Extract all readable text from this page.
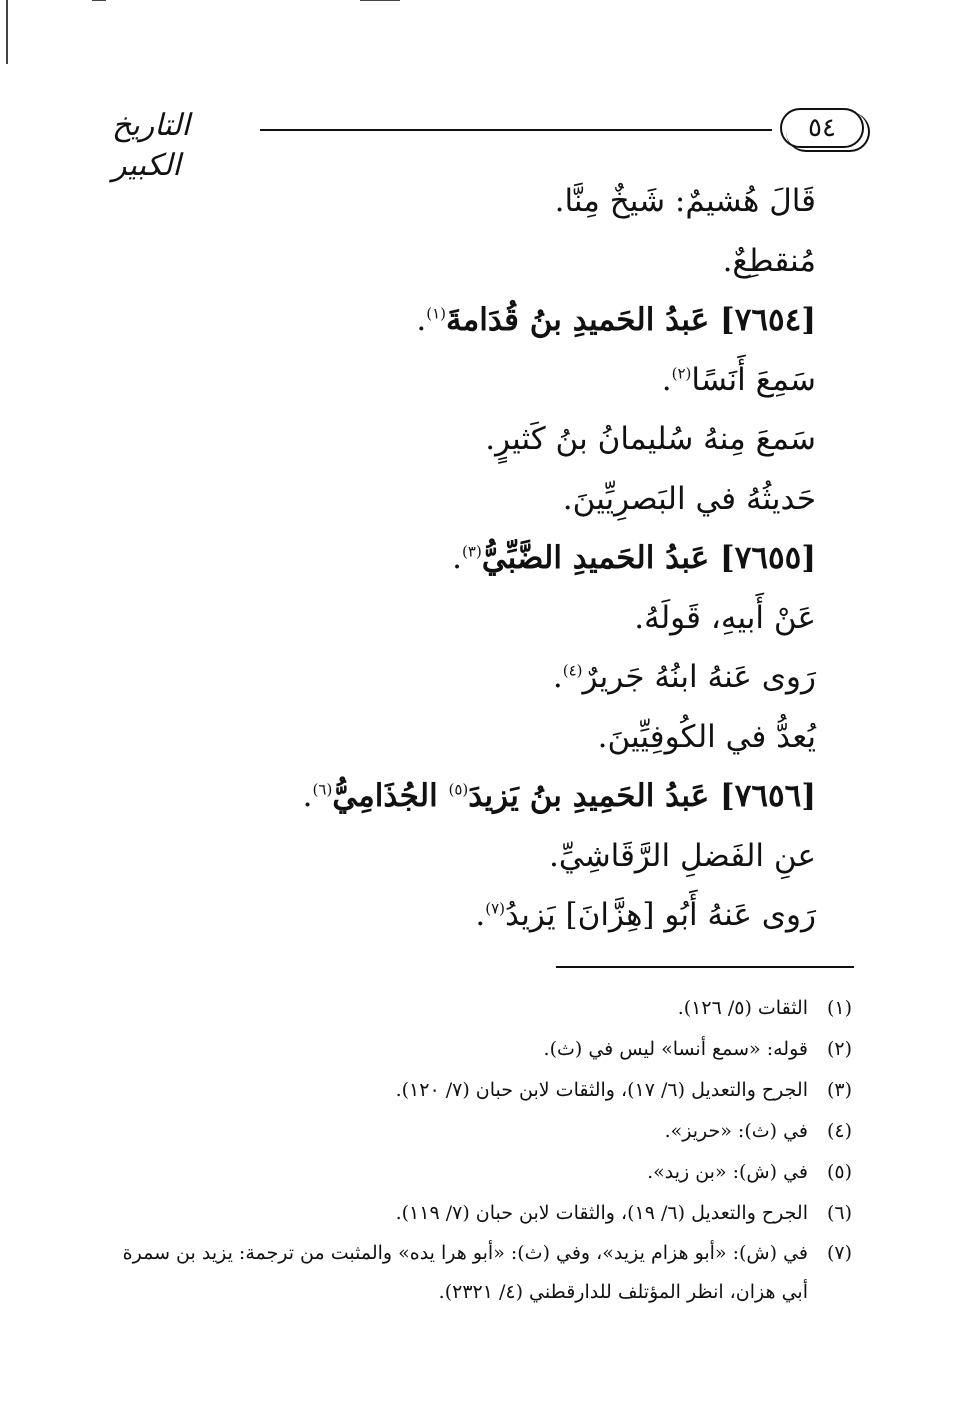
التاريخ الكبير
٥٤
قَالَ هُشيمٌ: شَيخٌ مِنَّا.
مُنقطِعٌ.
[٧٦٥٤] عَبدُ الحَميدِ بنُ قُدَامةَ$^{(١)}$.
سَمِعَ أَنَسًا$^{(٢)}$.
سَمعَ مِنهُ سُليمانُ بنُ كَثيرٍ.
حَديثُهُ في البَصرِيِّينَ.
[٧٦٥٥] عَبدُ الحَميدِ الضَّبِّيُّ$^{(٣)}$.
عَنْ أَبيهِ، قَولَهُ.
رَوى عَنهُ ابنُهُ جَريرٌ$^{(٤)}$.
يُعدُّ في الكُوفِيِّينَ.
[٧٦٥٦] عَبدُ الحَمِيدِ بنُ يَزيدَ$^{(٥)}$ الجُذَامِيُّ$^{(٦)}$.
عنِ الفَضلِ الرَّقَاشِيِّ.
رَوى عَنهُ أَبُو [هِزَّانَ] يَزيدُ$^{(٧)}$.
(١)
الثقات (٥/ ١٢٦).
(٢)
قوله: «سمع أنسا» ليس في (ث).
(٣)
الجرح والتعديل (٦/ ١٧)، والثقات لابن حبان (٧/ ١٢٠).
(٤)
في (ث): «حريز».
(٥)
في (ش): «بن زيد».
(٦)
الجرح والتعديل (٦/ ١٩)، والثقات لابن حبان (٧/ ١١٩).
(٧)
في (ش): «أبو هزام يزيد»، وفي (ث): «أبو هرا يده» والمثبت من ترجمة: يزيد بن سمرة أبي هزان، انظر المؤتلف للدارقطني (٤/ ٢٣٢١).
